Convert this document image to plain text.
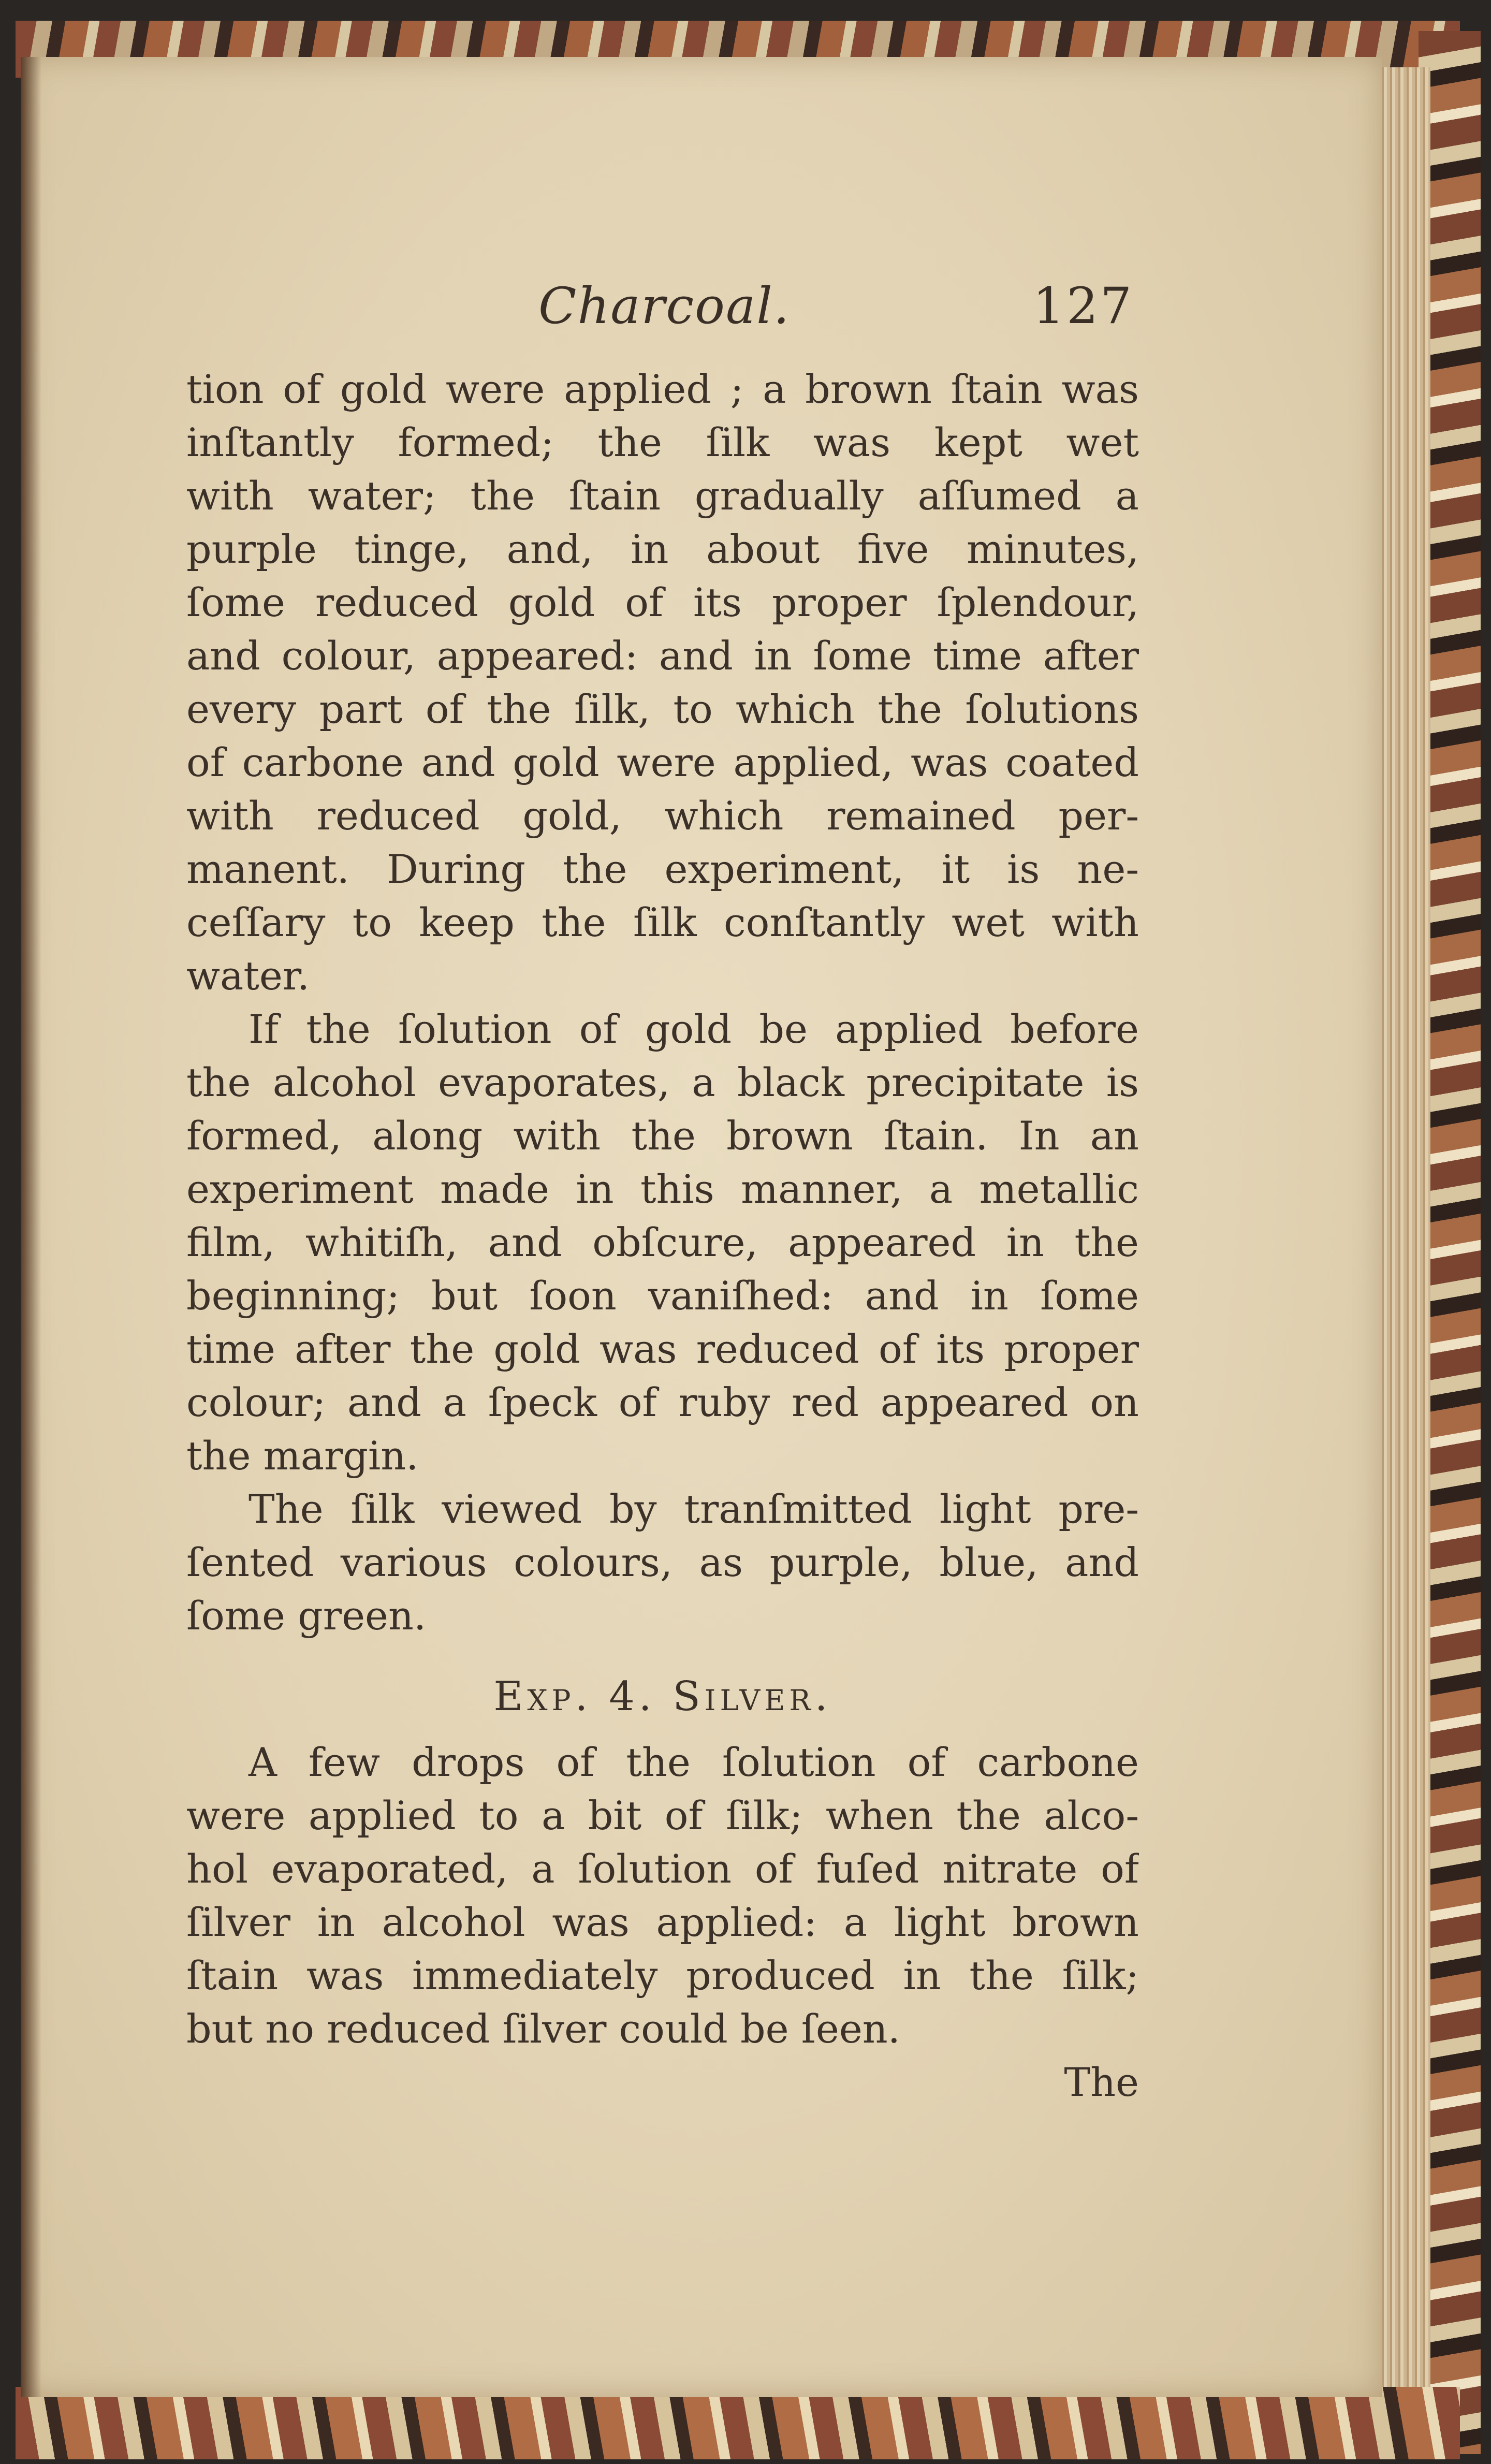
Charcoal.	127
tion of gold were applied ; a brown ſtain was
inſtantly formed; the ſilk was kept wet
with water; the ſtain gradually aſſumed a
purple tinge, and, in about five minutes,
ſome reduced gold of its proper ſplendour,
and colour, appeared: and in ſome time after
every part of the ſilk, to which the ſolutions
of carbone and gold were applied, was coated
with reduced gold, which remained per-
manent. During the experiment, it is ne-
ceſſary to keep the ſilk conſtantly wet with
water.
If the ſolution of gold be applied before
the alcohol evaporates, a black precipitate is
formed, along with the brown ſtain. In an
experiment made in this manner, a metallic
film, whitiſh, and obſcure, appeared in the
beginning; but ſoon vaniſhed: and in ſome
time after the gold was reduced of its proper
colour; and a ſpeck of ruby red appeared on
the margin.
The ſilk viewed by tranſmitted light pre-
ſented various colours, as purple, blue, and
ſome green.
Exp. 4. Silver.
A few drops of the ſolution of carbone
were applied to a bit of ſilk; when the alco-
hol evaporated, a ſolution of fuſed nitrate of
ſilver in alcohol was applied: a light brown
ſtain was immediately produced in the ſilk;
but no reduced ſilver could be ſeen.
The
